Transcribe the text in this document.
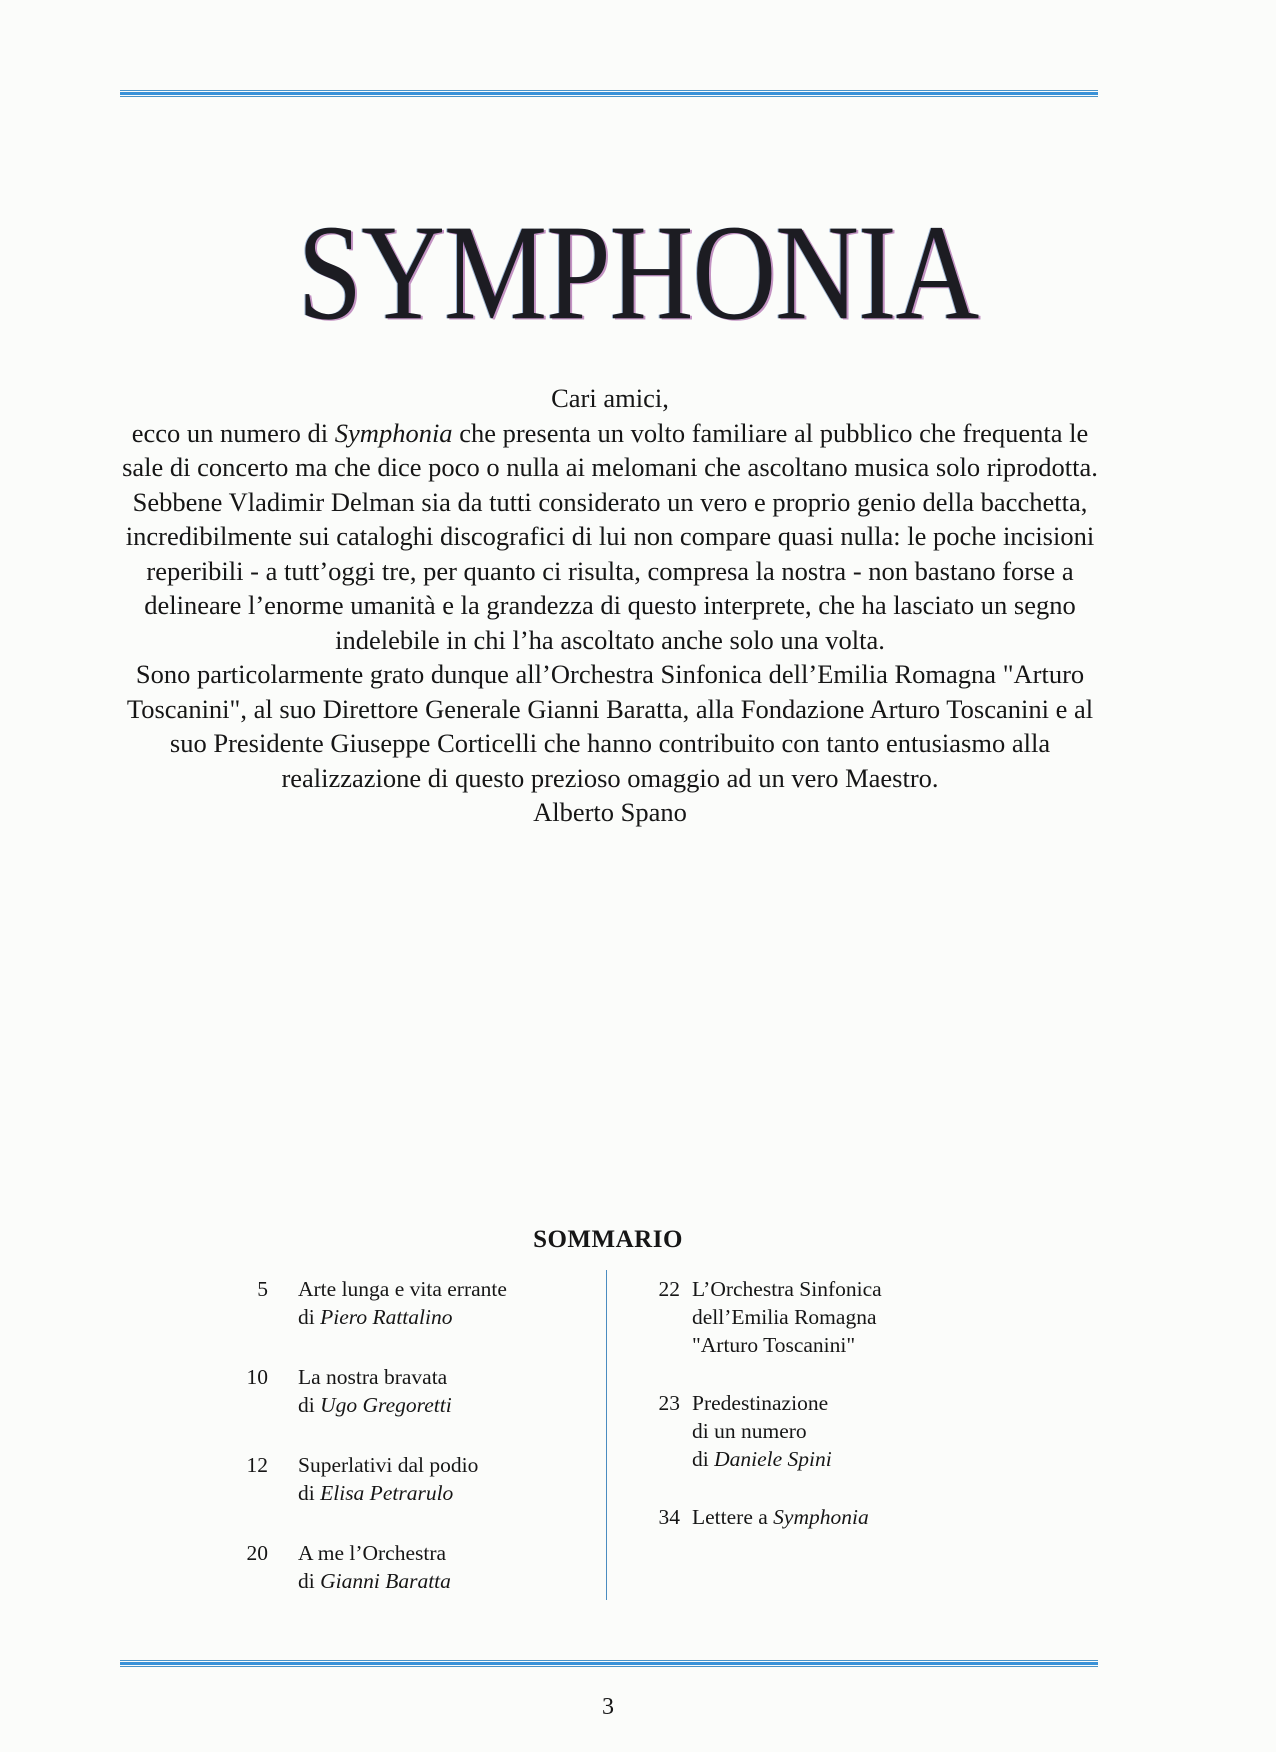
SYMPHONIA

Cari amici,

ecco un numero di Symphonia che presenta un volto familiare al pubblico che frequenta le sale di concerto ma che dice poco o nulla ai melomani che ascoltano musica solo riprodotta. Sebbene Vladimir Delman sia da tutti considerato un vero e proprio genio della bacchetta, incredibilmente sui cataloghi discografici di lui non compare quasi nulla: le poche incisioni reperibili - a tutt’oggi tre, per quanto ci risulta, compresa la nostra - non bastano forse a delineare l’enorme umanità e la grandezza di questo interprete, che ha lasciato un segno indelebile in chi l’ha ascoltato anche solo una volta.

Sono particolarmente grato dunque all’Orchestra Sinfonica dell’Emilia Romagna "Arturo Toscanini", al suo Direttore Generale Gianni Baratta, alla Fondazione Arturo Toscanini e al suo Presidente Giuseppe Corticelli che hanno contribuito con tanto entusiasmo alla realizzazione di questo prezioso omaggio ad un vero Maestro.

Alberto Spano

SOMMARIO
5 Arte lunga e vita errante
di Piero Rattalino
10 La nostra bravata
di Ugo Gregoretti
12 Superlativi dal podio
di Elisa Petrarulo
20 A me l’Orchestra
di Gianni Baratta
22 L’Orchestra Sinfonica
dell’Emilia Romagna
"Arturo Toscanini"
23 Predestinazione
di un numero
di Daniele Spini
34 Lettere a Symphonia
3
